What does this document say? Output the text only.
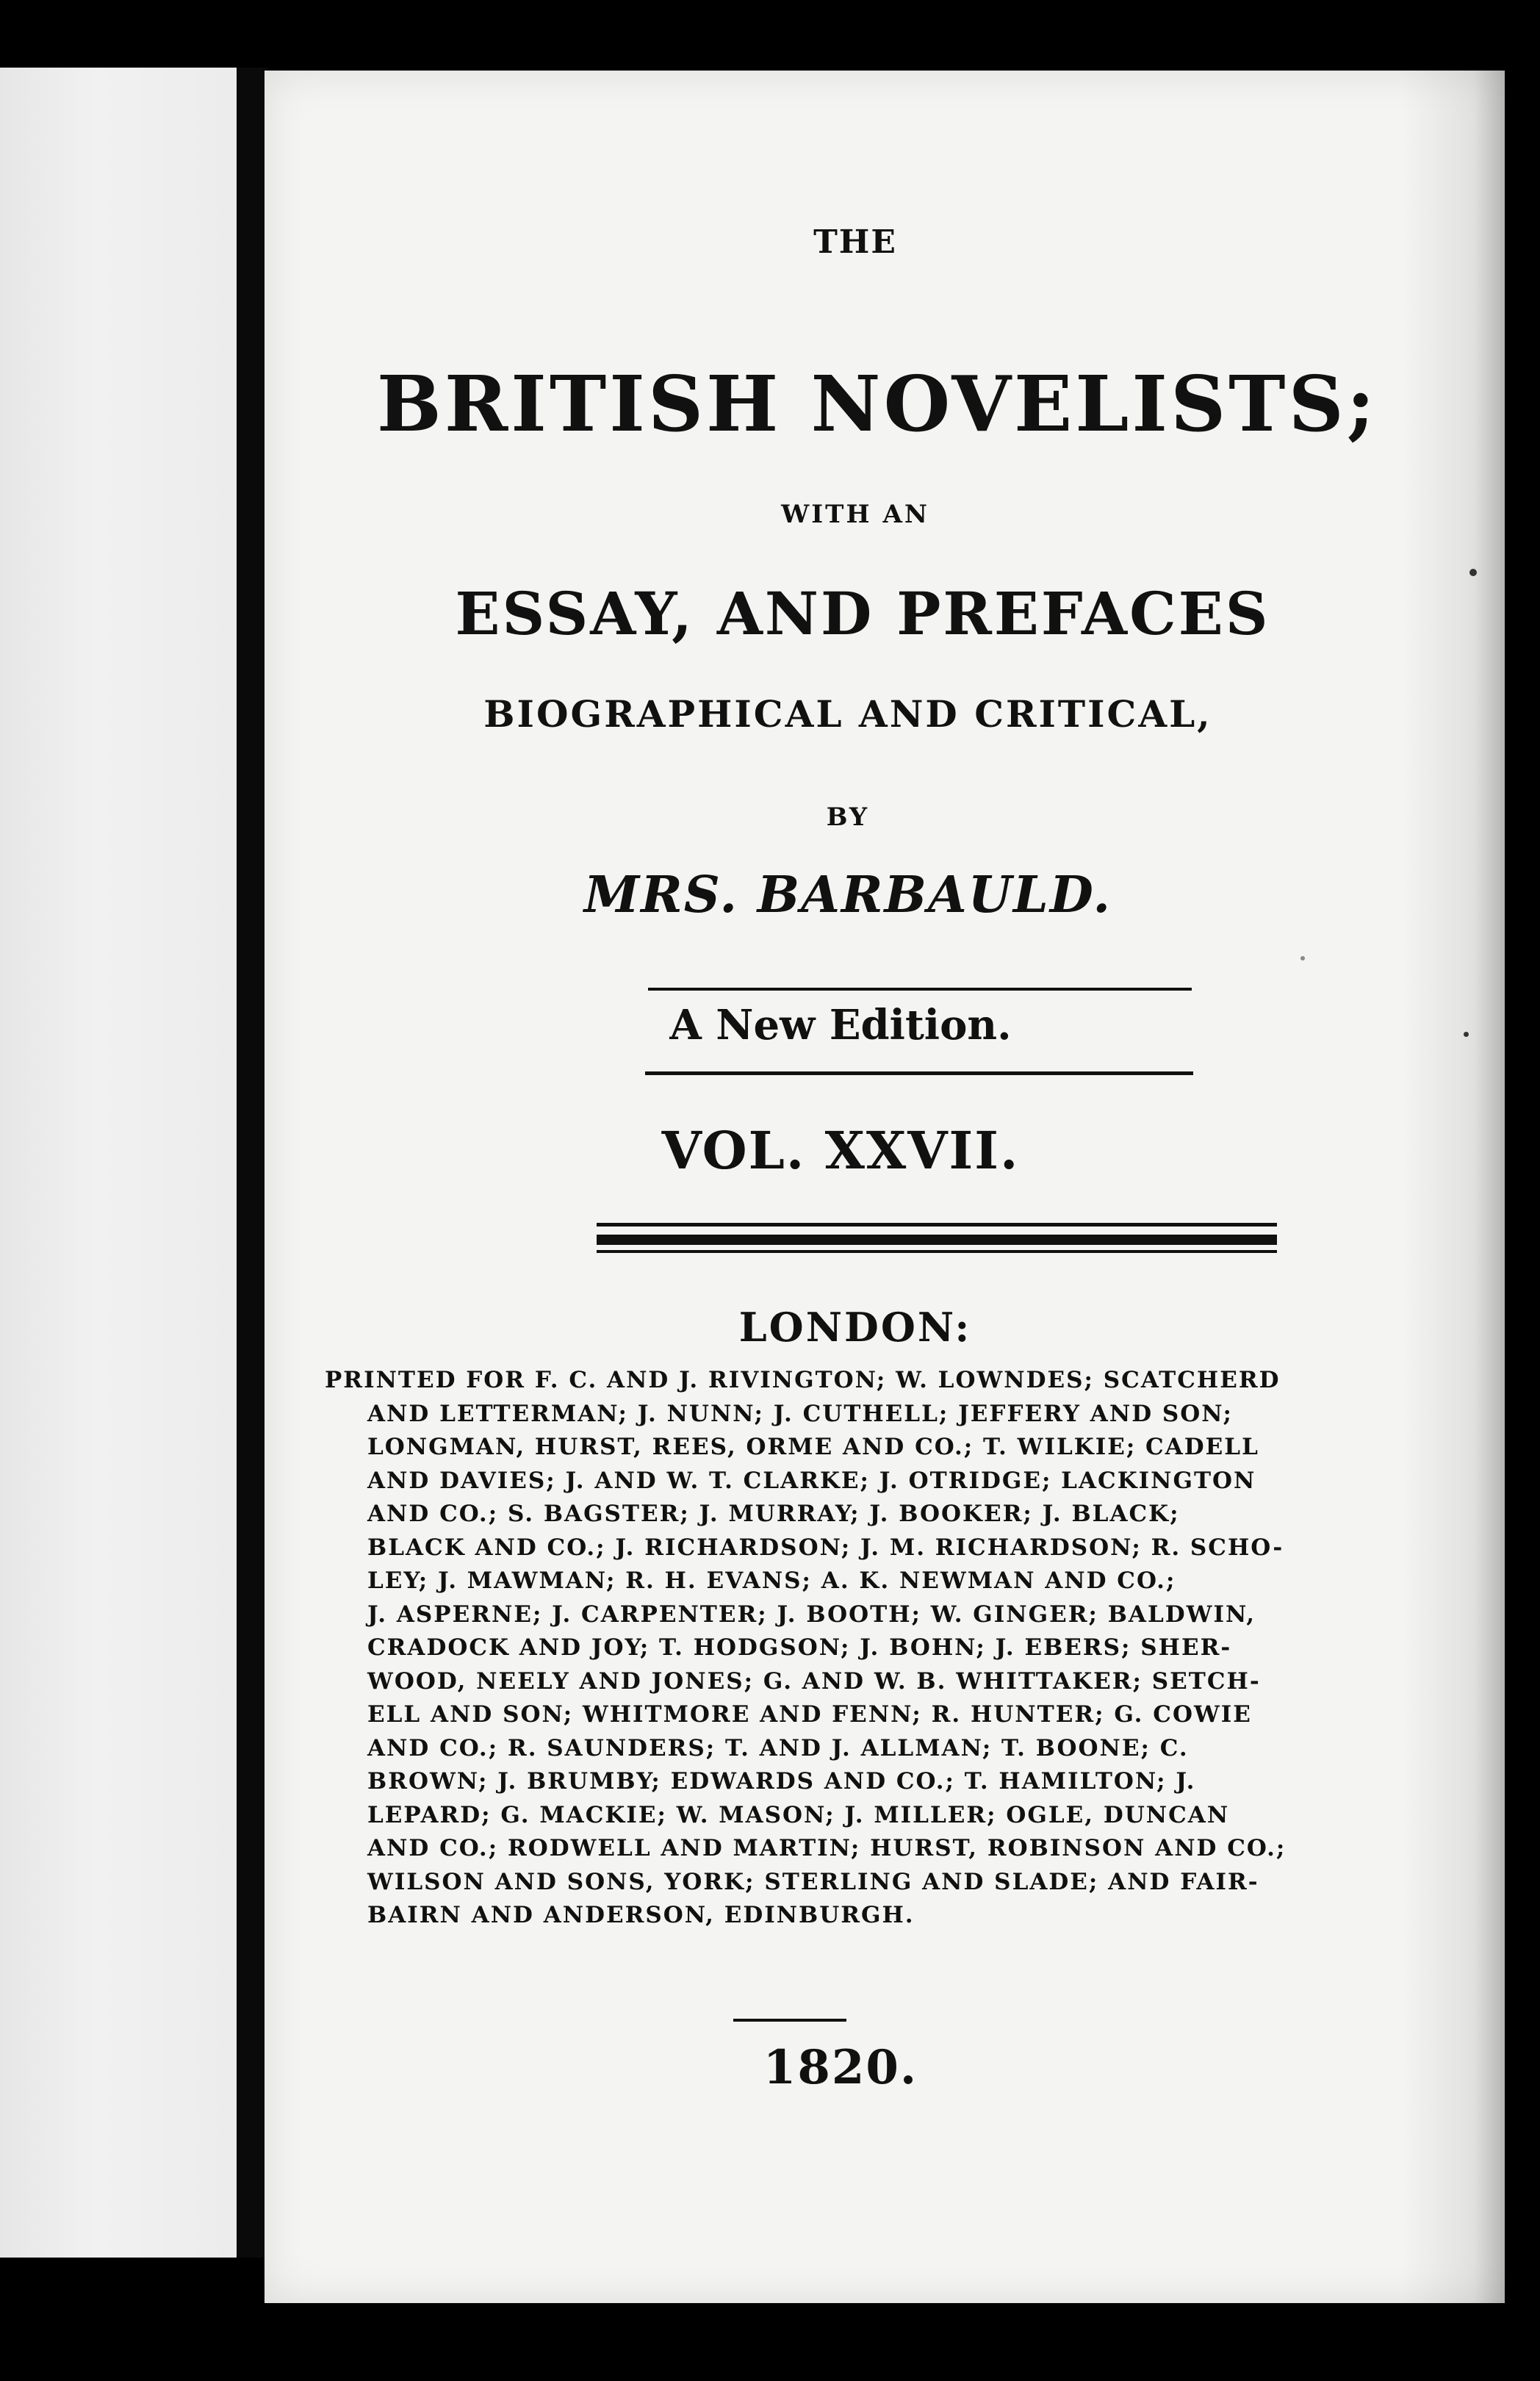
THE
BRITISH NOVELISTS;
WITH AN
ESSAY, AND PREFACES
BIOGRAPHICAL AND CRITICAL,
BY
MRS. BARBAULD.
A New Edition.
VOL. XXVII.
LONDON:
PRINTED FOR F. C. AND J. RIVINGTON; W. LOWNDES; SCATCHERD
AND LETTERMAN; J. NUNN; J. CUTHELL; JEFFERY AND SON;
LONGMAN, HURST, REES, ORME AND CO.; T. WILKIE; CADELL
AND DAVIES; J. AND W. T. CLARKE; J. OTRIDGE; LACKINGTON
AND CO.; S. BAGSTER; J. MURRAY; J. BOOKER; J. BLACK;
BLACK AND CO.; J. RICHARDSON; J. M. RICHARDSON; R. SCHO-
LEY; J. MAWMAN; R. H. EVANS; A. K. NEWMAN AND CO.;
J. ASPERNE; J. CARPENTER; J. BOOTH; W. GINGER; BALDWIN,
CRADOCK AND JOY; T. HODGSON; J. BOHN; J. EBERS; SHER-
WOOD, NEELY AND JONES; G. AND W. B. WHITTAKER; SETCH-
ELL AND SON; WHITMORE AND FENN; R. HUNTER; G. COWIE
AND CO.; R. SAUNDERS; T. AND J. ALLMAN; T. BOONE; C.
BROWN; J. BRUMBY; EDWARDS AND CO.; T. HAMILTON; J.
LEPARD; G. MACKIE; W. MASON; J. MILLER; OGLE, DUNCAN
AND CO.; RODWELL AND MARTIN; HURST, ROBINSON AND CO.;
WILSON AND SONS, YORK; STERLING AND SLADE; AND FAIR-
BAIRN AND ANDERSON, EDINBURGH.
1820.
